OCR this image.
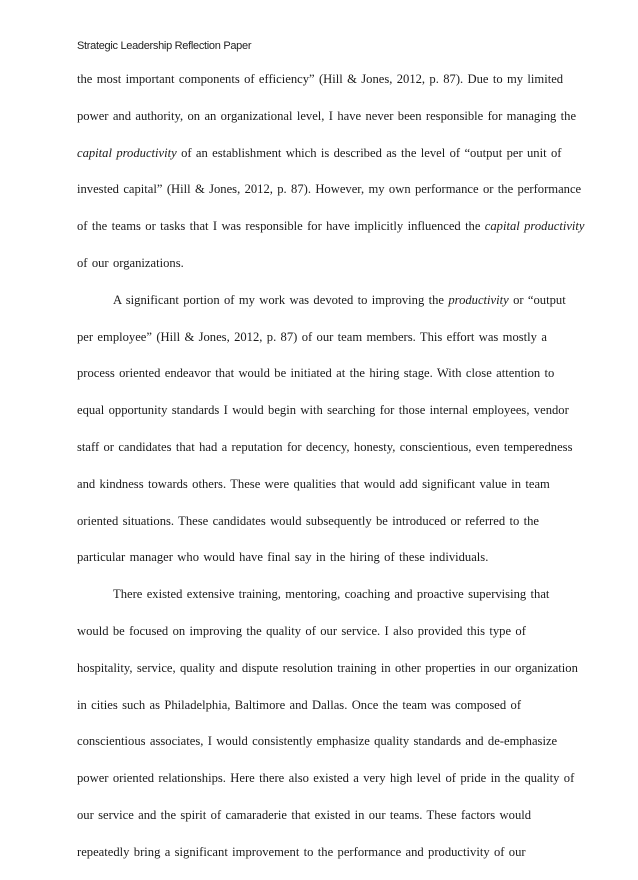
Strategic Leadership Reflection Paper
the most important components of efficiency” (Hill & Jones, 2012, p. 87). Due to my limited
power and authority, on an organizational level, I have never been responsible for managing the
capital productivity of an establishment which is described as the level of “output per unit of
invested capital” (Hill & Jones, 2012, p. 87). However, my own performance or the performance
of the teams or tasks that I was responsible for have implicitly influenced the capital productivity
of our organizations.
A significant portion of my work was devoted to improving the productivity or “output
per employee” (Hill & Jones, 2012, p. 87) of our team members. This effort was mostly a
process oriented endeavor that would be initiated at the hiring stage. With close attention to
equal opportunity standards I would begin with searching for those internal employees, vendor
staff or candidates that had a reputation for decency, honesty, conscientious, even temperedness
and kindness towards others. These were qualities that would add significant value in team
oriented situations. These candidates would subsequently be introduced or referred to the
particular manager who would have final say in the hiring of these individuals.
There existed extensive training, mentoring, coaching and proactive supervising that
would be focused on improving the quality of our service. I also provided this type of
hospitality, service, quality and dispute resolution training in other properties in our organization
in cities such as Philadelphia, Baltimore and Dallas. Once the team was composed of
conscientious associates, I would consistently emphasize quality standards and de-emphasize
power oriented relationships. Here there also existed a very high level of pride in the quality of
our service and the spirit of camaraderie that existed in our teams. These factors would
repeatedly bring a significant improvement to the performance and productivity of our
